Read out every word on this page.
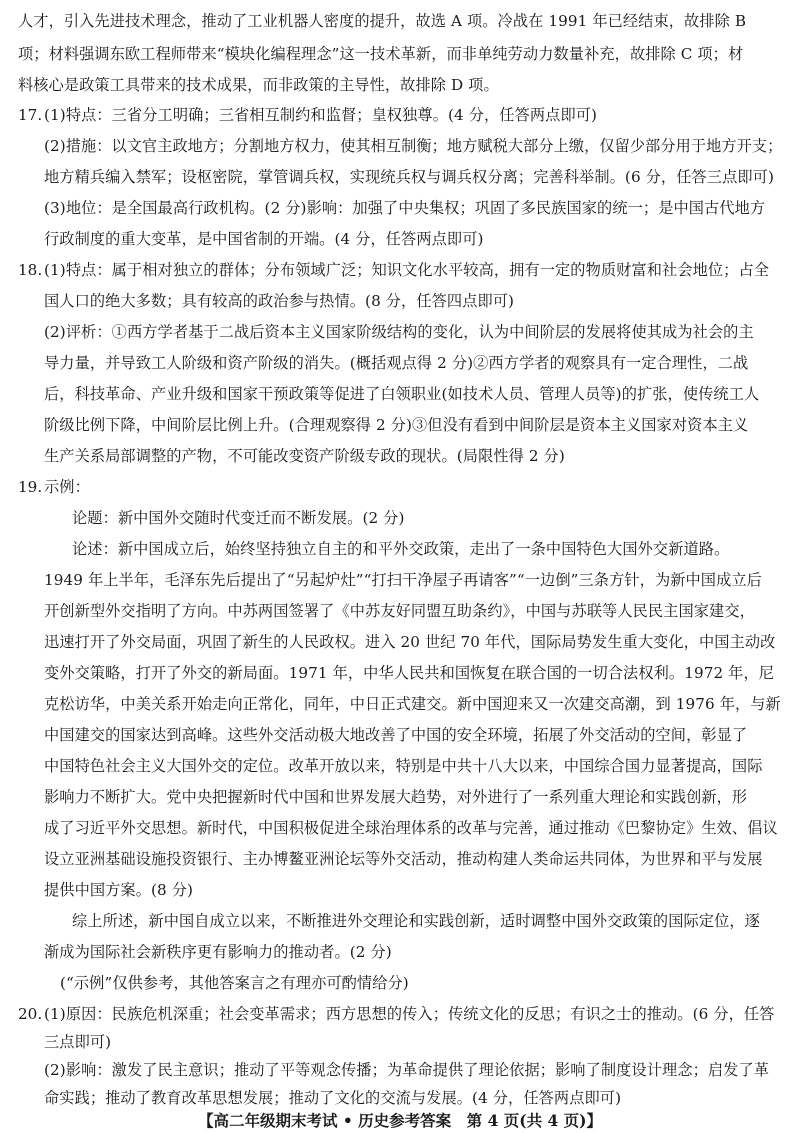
人才，引入先进技术理念，推动了工业机器人密度的提升，故选 A 项。冷战在 1991 年已经结束，故排除 B
项；材料强调东欧工程师带来“模块化编程理念”这一技术革新，而非单纯劳动力数量补充，故排除 C 项；材
料核心是政策工具带来的技术成果，而非政策的主导性，故排除 D 项。
17. (1)特点：三省分工明确；三省相互制约和监督；皇权独尊。(4 分，任答两点即可)
(2)措施：以文官主政地方；分割地方权力，使其相互制衡；地方赋税大部分上缴，仅留少部分用于地方开支；
地方精兵编入禁军；设枢密院，掌管调兵权，实现统兵权与调兵权分离；完善科举制。(6 分，任答三点即可)
(3)地位：是全国最高行政机构。(2 分)影响：加强了中央集权；巩固了多民族国家的统一；是中国古代地方
行政制度的重大变革，是中国省制的开端。(4 分，任答两点即可)
18. (1)特点：属于相对独立的群体；分布领域广泛；知识文化水平较高，拥有一定的物质财富和社会地位；占全
国人口的绝大多数；具有较高的政治参与热情。(8 分，任答四点即可)
(2)评析：①西方学者基于二战后资本主义国家阶级结构的变化，认为中间阶层的发展将使其成为社会的主
导力量，并导致工人阶级和资产阶级的消失。(概括观点得 2 分)②西方学者的观察具有一定合理性，二战
后，科技革命、产业升级和国家干预政策等促进了白领职业(如技术人员、管理人员等)的扩张，使传统工人
阶级比例下降，中间阶层比例上升。(合理观察得 2 分)③但没有看到中间阶层是资本主义国家对资本主义
生产关系局部调整的产物，不可能改变资产阶级专政的现状。(局限性得 2 分)
19. 示例：
论题：新中国外交随时代变迁而不断发展。(2 分)
论述：新中国成立后，始终坚持独立自主的和平外交政策，走出了一条中国特色大国外交新道路。
1949 年上半年，毛泽东先后提出了“另起炉灶”“打扫干净屋子再请客”“一边倒”三条方针，为新中国成立后
开创新型外交指明了方向。中苏两国签署了《中苏友好同盟互助条约》，中国与苏联等人民民主国家建交，
迅速打开了外交局面，巩固了新生的人民政权。进入 20 世纪 70 年代，国际局势发生重大变化，中国主动改
变外交策略，打开了外交的新局面。1971 年，中华人民共和国恢复在联合国的一切合法权利。1972 年，尼
克松访华，中美关系开始走向正常化，同年，中日正式建交。新中国迎来又一次建交高潮，到 1976 年，与新
中国建交的国家达到高峰。这些外交活动极大地改善了中国的安全环境，拓展了外交活动的空间，彰显了
中国特色社会主义大国外交的定位。改革开放以来，特别是中共十八大以来，中国综合国力显著提高，国际
影响力不断扩大。党中央把握新时代中国和世界发展大趋势，对外进行了一系列重大理论和实践创新，形
成了习近平外交思想。新时代，中国积极促进全球治理体系的改革与完善，通过推动《巴黎协定》生效、倡议
设立亚洲基础设施投资银行、主办博鳌亚洲论坛等外交活动，推动构建人类命运共同体，为世界和平与发展
提供中国方案。(8 分)
综上所述，新中国自成立以来，不断推进外交理论和实践创新，适时调整中国外交政策的国际定位，逐
渐成为国际社会新秩序更有影响力的推动者。(2 分)
(“示例”仅供参考，其他答案言之有理亦可酌情给分)
20. (1)原因：民族危机深重；社会变革需求；西方思想的传入；传统文化的反思；有识之士的推动。(6 分，任答
三点即可)
(2)影响：激发了民主意识；推动了平等观念传播；为革命提供了理论依据；影响了制度设计理念；启发了革
命实践；推动了教育改革思想发展；推动了文化的交流与发展。(4 分，任答两点即可)
【高二年级期末考试 • 历史参考答案　第 4 页(共 4 页)】
